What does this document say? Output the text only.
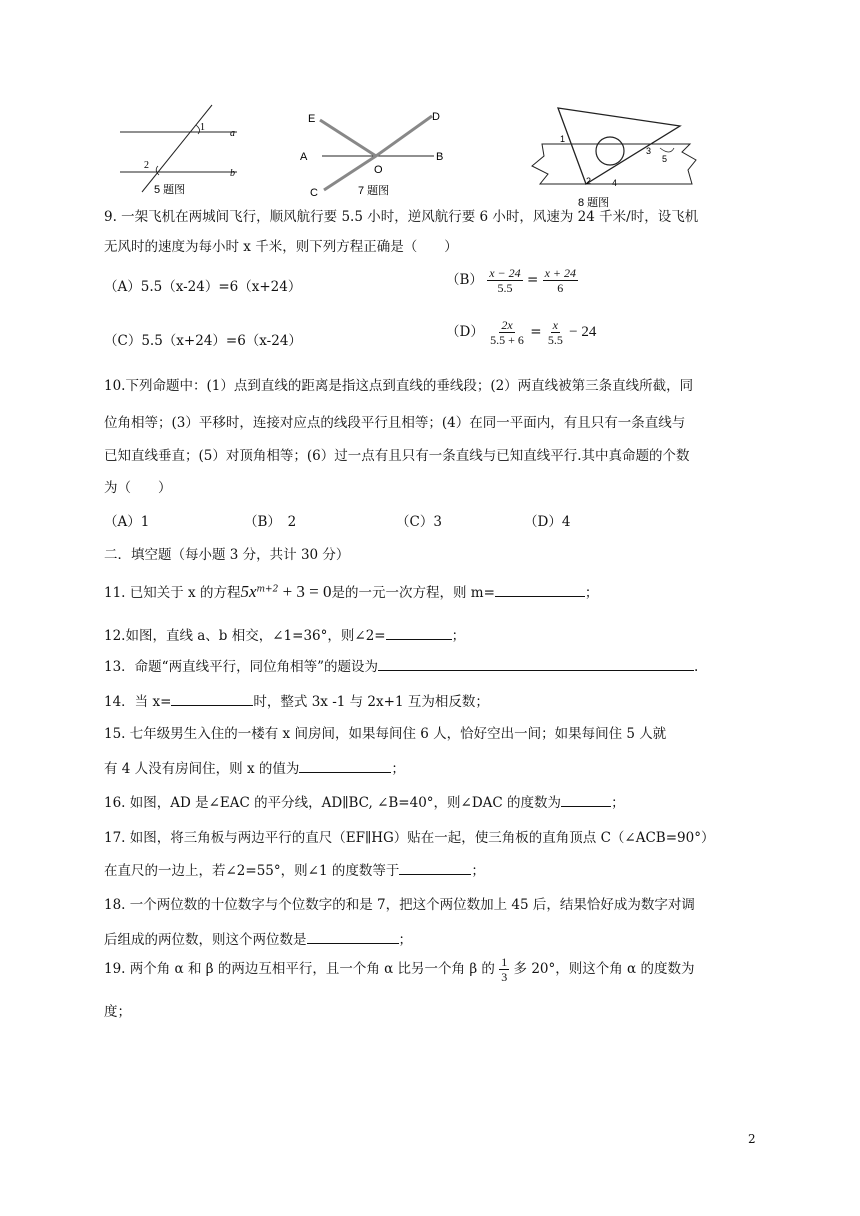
1
2
a
b
5 题图
E	D
A	B
O
C	7 题图
1
2
3
4
5
8 题图
9. 一架飞机在两城间飞行，顺风航行要 5.5 小时，逆风航行要 6 小时，风速为 24 千米/时，设飞机
无风时的速度为每小时 x 千米，则下列方程正确是（　　）
（A）5.5（x-24）=6（x+24）	$(B) \frac{x - 24}{5.5} = \frac{x + 24}{6}$
（C）5.5（x+24）=6（x-24）
$(D) \frac{2x}{5.5 + 6} = \frac{x}{5.5} - 24$
10.下列命题中：(1）点到直线的距离是指这点到直线的垂线段；(2）两直线被第三条直线所截，同
位角相等；(3）平移时，连接对应点的线段平行且相等；(4）在同一平面内，有且只有一条直线与
已知直线垂直；(5）对顶角相等；(6）过一点有且只有一条直线与已知直线平行.其中真命题的个数
为（　　）
（A）1	（B）　2	（C）3	（D）4
二．填空题（每小题 3 分，共计 30 分）
11. 已知关于 x 的方程$5x^{m+2} + 3 = 0$是的一元一次方程，则 m=	；
12.如图，直线 a、b 相交，∠1=36°，则∠2=	；
13．命题“两直线平行，同位角相等”的题设为	.
14．当 x=	时，整式 3x -1 与 2x+1 互为相反数；
15. 七年级男生入住的一楼有 x 间房间，如果每间住 6 人，恰好空出一间；如果每间住 5 人就
有 4 人没有房间住，则 x 的值为	；
16. 如图，AD 是∠EAC 的平分线，AD∥BC, ∠B=40°，则∠DAC 的度数为	；
17. 如图，将三角板与两边平行的直尺（EF∥HG）贴在一起，使三角板的直角顶点 C（∠ACB=90°）
在直尺的一边上，若∠2=55°，则∠1 的度数等于	；
18. 一个两位数的十位数字与个位数字的和是 7，把这个两位数加上 45 后，结果恰好成为数字对调
后组成的两位数，则这个两位数是	；
19. 两个角 α 和 β 的两边互相平行，且一个角 α 比另一个角 β 的 $\frac{1}{3}$ 多 20°，则这个角 α 的度数为
度；
2
